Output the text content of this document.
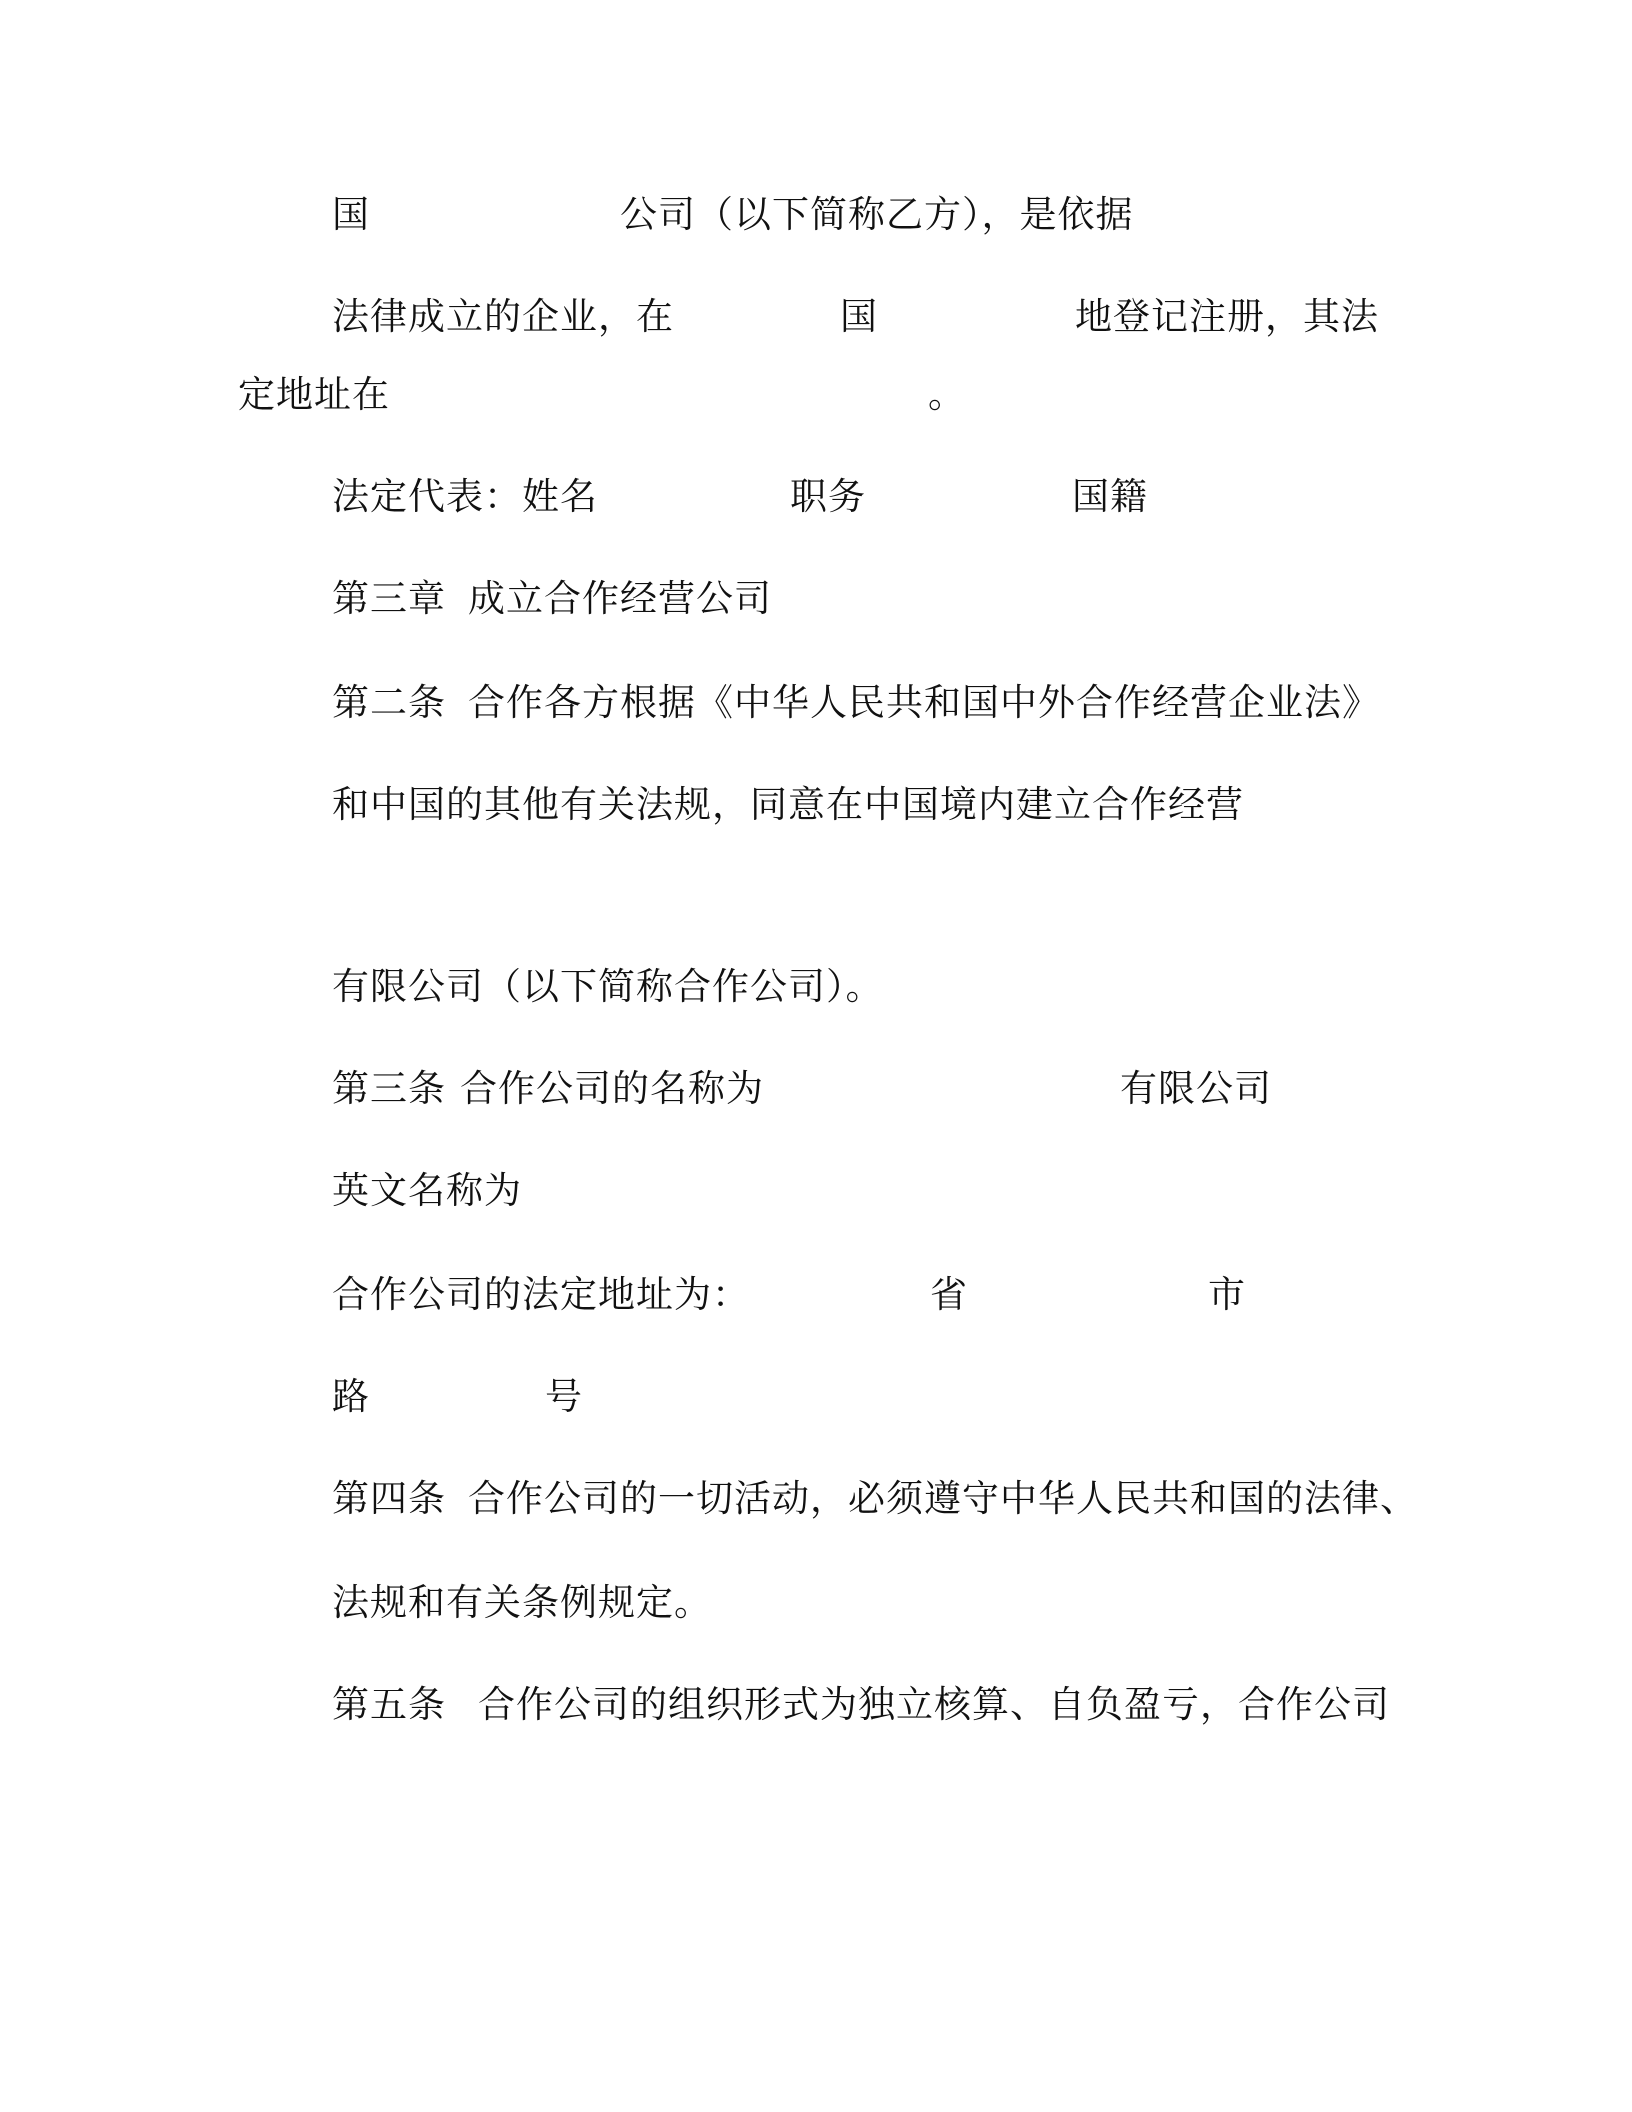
国	公司（以下简称乙方），是依据
法律成立的企业，在	国	地登记注册，其法
定地址在	。
法定代表：姓名	职务	国籍
第三章 成立合作经营公司
第二条 合作各方根据《中华人民共和国中外合作经营企业法》
和中国的其他有关法规，同意在中国境内建立合作经营
有限公司（以下简称合作公司）。
第三条 合作公司的名称为	有限公司
英文名称为
合作公司的法定地址为：	省	市
路	号
第四条 合作公司的一切活动，必须遵守中华人民共和国的法律、
法规和有关条例规定。
第五条 合作公司的组织形式为独立核算、自负盈亏，合作公司
